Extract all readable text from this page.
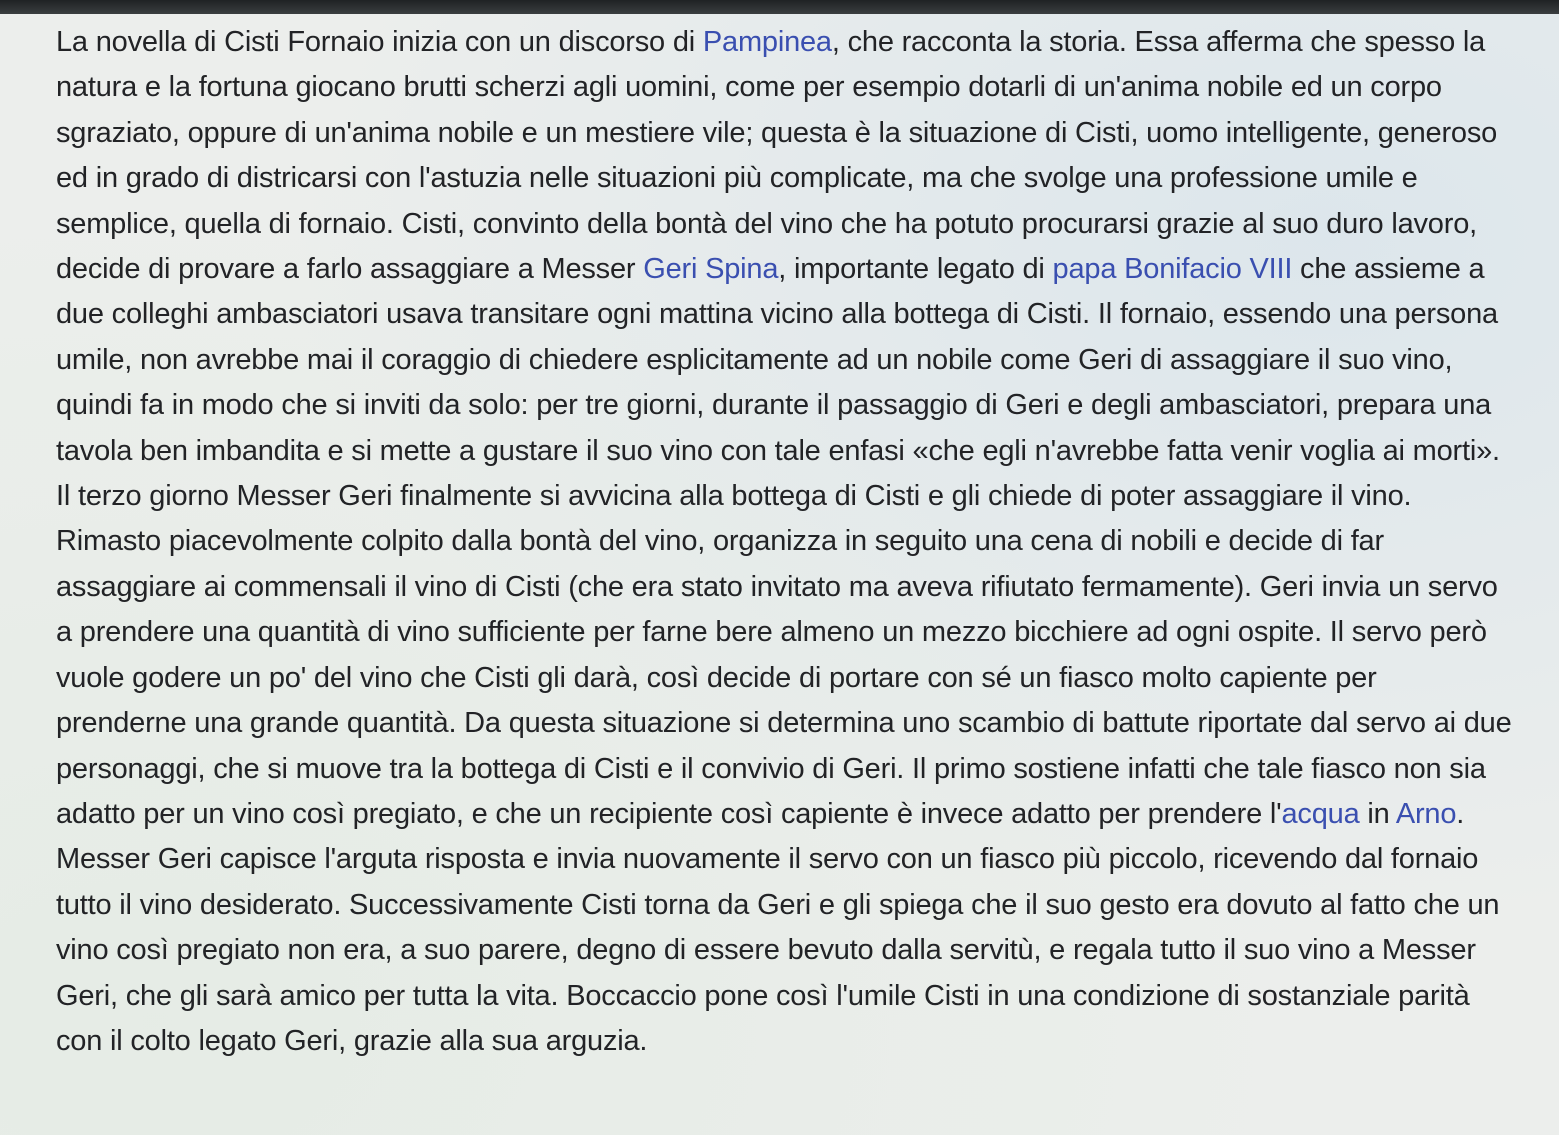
La novella di Cisti Fornaio inizia con un discorso di Pampinea, che racconta la storia. Essa afferma che spesso la
natura e la fortuna giocano brutti scherzi agli uomini, come per esempio dotarli di un'anima nobile ed un corpo
sgraziato, oppure di un'anima nobile e un mestiere vile; questa è la situazione di Cisti, uomo intelligente, generoso
ed in grado di districarsi con l'astuzia nelle situazioni più complicate, ma che svolge una professione umile e
semplice, quella di fornaio. Cisti, convinto della bontà del vino che ha potuto procurarsi grazie al suo duro lavoro,
decide di provare a farlo assaggiare a Messer Geri Spina, importante legato di papa Bonifacio VIII che assieme a
due colleghi ambasciatori usava transitare ogni mattina vicino alla bottega di Cisti. Il fornaio, essendo una persona
umile, non avrebbe mai il coraggio di chiedere esplicitamente ad un nobile come Geri di assaggiare il suo vino,
quindi fa in modo che si inviti da solo: per tre giorni, durante il passaggio di Geri e degli ambasciatori, prepara una
tavola ben imbandita e si mette a gustare il suo vino con tale enfasi «che egli n'avrebbe fatta venir voglia ai morti».
Il terzo giorno Messer Geri finalmente si avvicina alla bottega di Cisti e gli chiede di poter assaggiare il vino.
Rimasto piacevolmente colpito dalla bontà del vino, organizza in seguito una cena di nobili e decide di far
assaggiare ai commensali il vino di Cisti (che era stato invitato ma aveva rifiutato fermamente). Geri invia un servo
a prendere una quantità di vino sufficiente per farne bere almeno un mezzo bicchiere ad ogni ospite. Il servo però
vuole godere un po' del vino che Cisti gli darà, così decide di portare con sé un fiasco molto capiente per
prenderne una grande quantità. Da questa situazione si determina uno scambio di battute riportate dal servo ai due
personaggi, che si muove tra la bottega di Cisti e il convivio di Geri. Il primo sostiene infatti che tale fiasco non sia
adatto per un vino così pregiato, e che un recipiente così capiente è invece adatto per prendere l'acqua in Arno.
Messer Geri capisce l'arguta risposta e invia nuovamente il servo con un fiasco più piccolo, ricevendo dal fornaio
tutto il vino desiderato. Successivamente Cisti torna da Geri e gli spiega che il suo gesto era dovuto al fatto che un
vino così pregiato non era, a suo parere, degno di essere bevuto dalla servitù, e regala tutto il suo vino a Messer
Geri, che gli sarà amico per tutta la vita. Boccaccio pone così l'umile Cisti in una condizione di sostanziale parità
con il colto legato Geri, grazie alla sua arguzia.
